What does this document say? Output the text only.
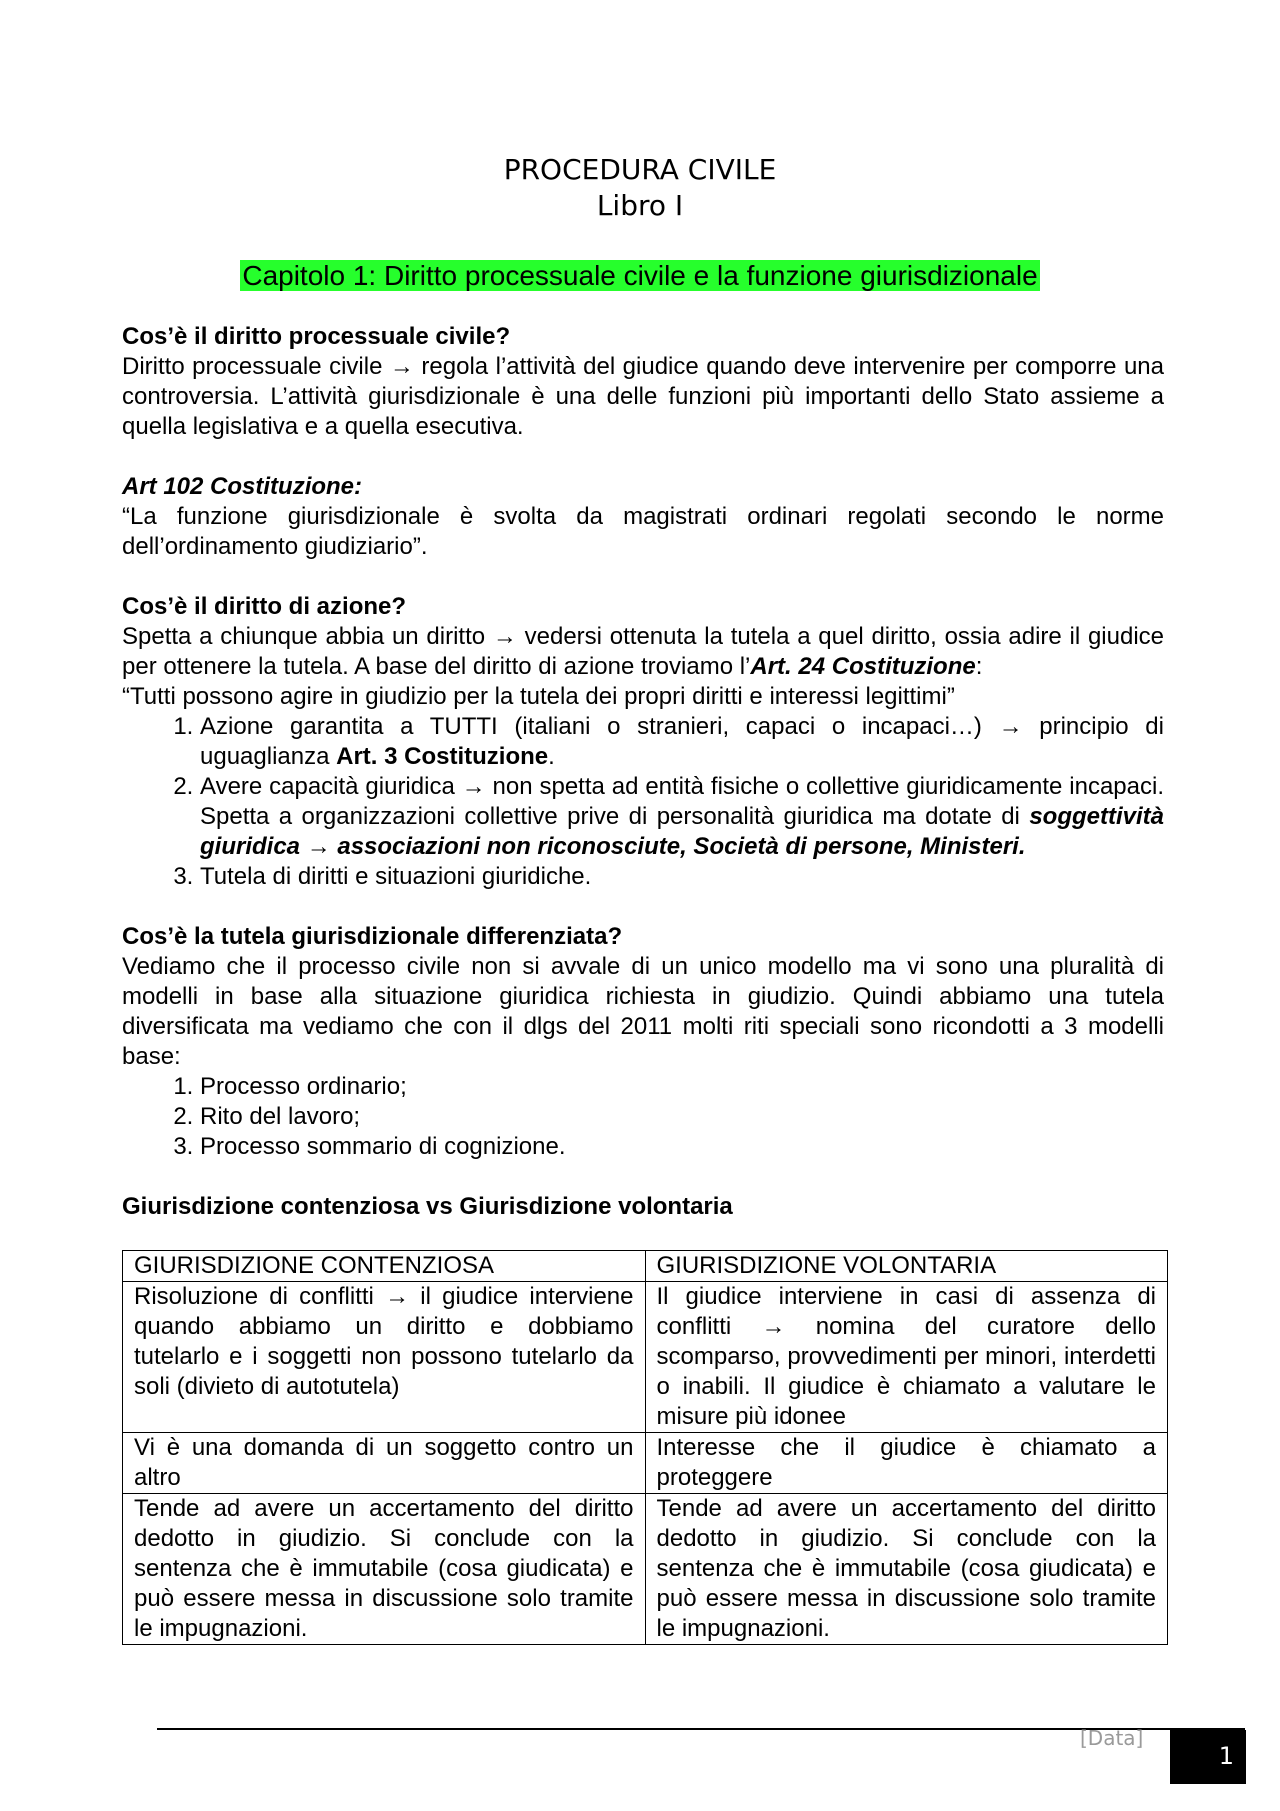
PROCEDURA CIVILE
Libro I
Capitolo 1: Diritto processuale civile e la funzione giurisdizionale

Cos’è il diritto processuale civile?

Diritto processuale civile → regola l’attività del giudice quando deve intervenire per comporre una controversia. L’attività giurisdizionale è una delle funzioni più importanti dello Stato assieme a quella legislativa e a quella esecutiva.

Art 102 Costituzione:

“La funzione giurisdizionale è svolta da magistrati ordinari regolati secondo le norme dell’ordinamento giudiziario”.

Cos’è il diritto di azione?

Spetta a chiunque abbia un diritto → vedersi ottenuta la tutela a quel diritto, ossia adire il giudice per ottenere la tutela. A base del diritto di azione troviamo l’Art. 24 Costituzione:

“Tutti possono agire in giudizio per la tutela dei propri diritti e interessi legittimi”

1. Azione garantita a TUTTI (italiani o stranieri, capaci o incapaci…) → principio di uguaglianza Art. 3 Costituzione.
2. Avere capacità giuridica → non spetta ad entità fisiche o collettive giuridicamente incapaci. Spetta a organizzazioni collettive prive di personalità giuridica ma dotate di soggettività giuridica → associazioni non riconosciute, Società di persone, Ministeri.
3. Tutela di diritti e situazioni giuridiche.

Cos’è la tutela giurisdizionale differenziata?

Vediamo che il processo civile non si avvale di un unico modello ma vi sono una pluralità di modelli in base alla situazione giuridica richiesta in giudizio. Quindi abbiamo una tutela diversificata ma vediamo che con il dlgs del 2011 molti riti speciali sono ricondotti a 3 modelli base:

1. Processo ordinario;
2. Rito del lavoro;
3. Processo sommario di cognizione.

Giurisdizione contenziosa vs Giurisdizione volontaria

GIURISDIZIONE CONTENZIOSA	GIURISDIZIONE VOLONTARIA
Risoluzione di conflitti → il giudice interviene quando abbiamo un diritto e dobbiamo tutelarlo e i soggetti non possono tutelarlo da soli (divieto di autotutela)	Il giudice interviene in casi di assenza di conflitti → nomina del curatore dello scomparso, provvedimenti per minori, interdetti o inabili. Il giudice è chiamato a valutare le misure più idonee
Vi è una domanda di un soggetto contro un altro	Interesse che il giudice è chiamato a proteggere
Tende ad avere un accertamento del diritto dedotto in giudizio. Si conclude con la sentenza che è immutabile (cosa giudicata) e può essere messa in discussione solo tramite le impugnazioni.	Tende ad avere un accertamento del diritto dedotto in giudizio. Si conclude con la sentenza che è immutabile (cosa giudicata) e può essere messa in discussione solo tramite le impugnazioni.
[Data]
1
